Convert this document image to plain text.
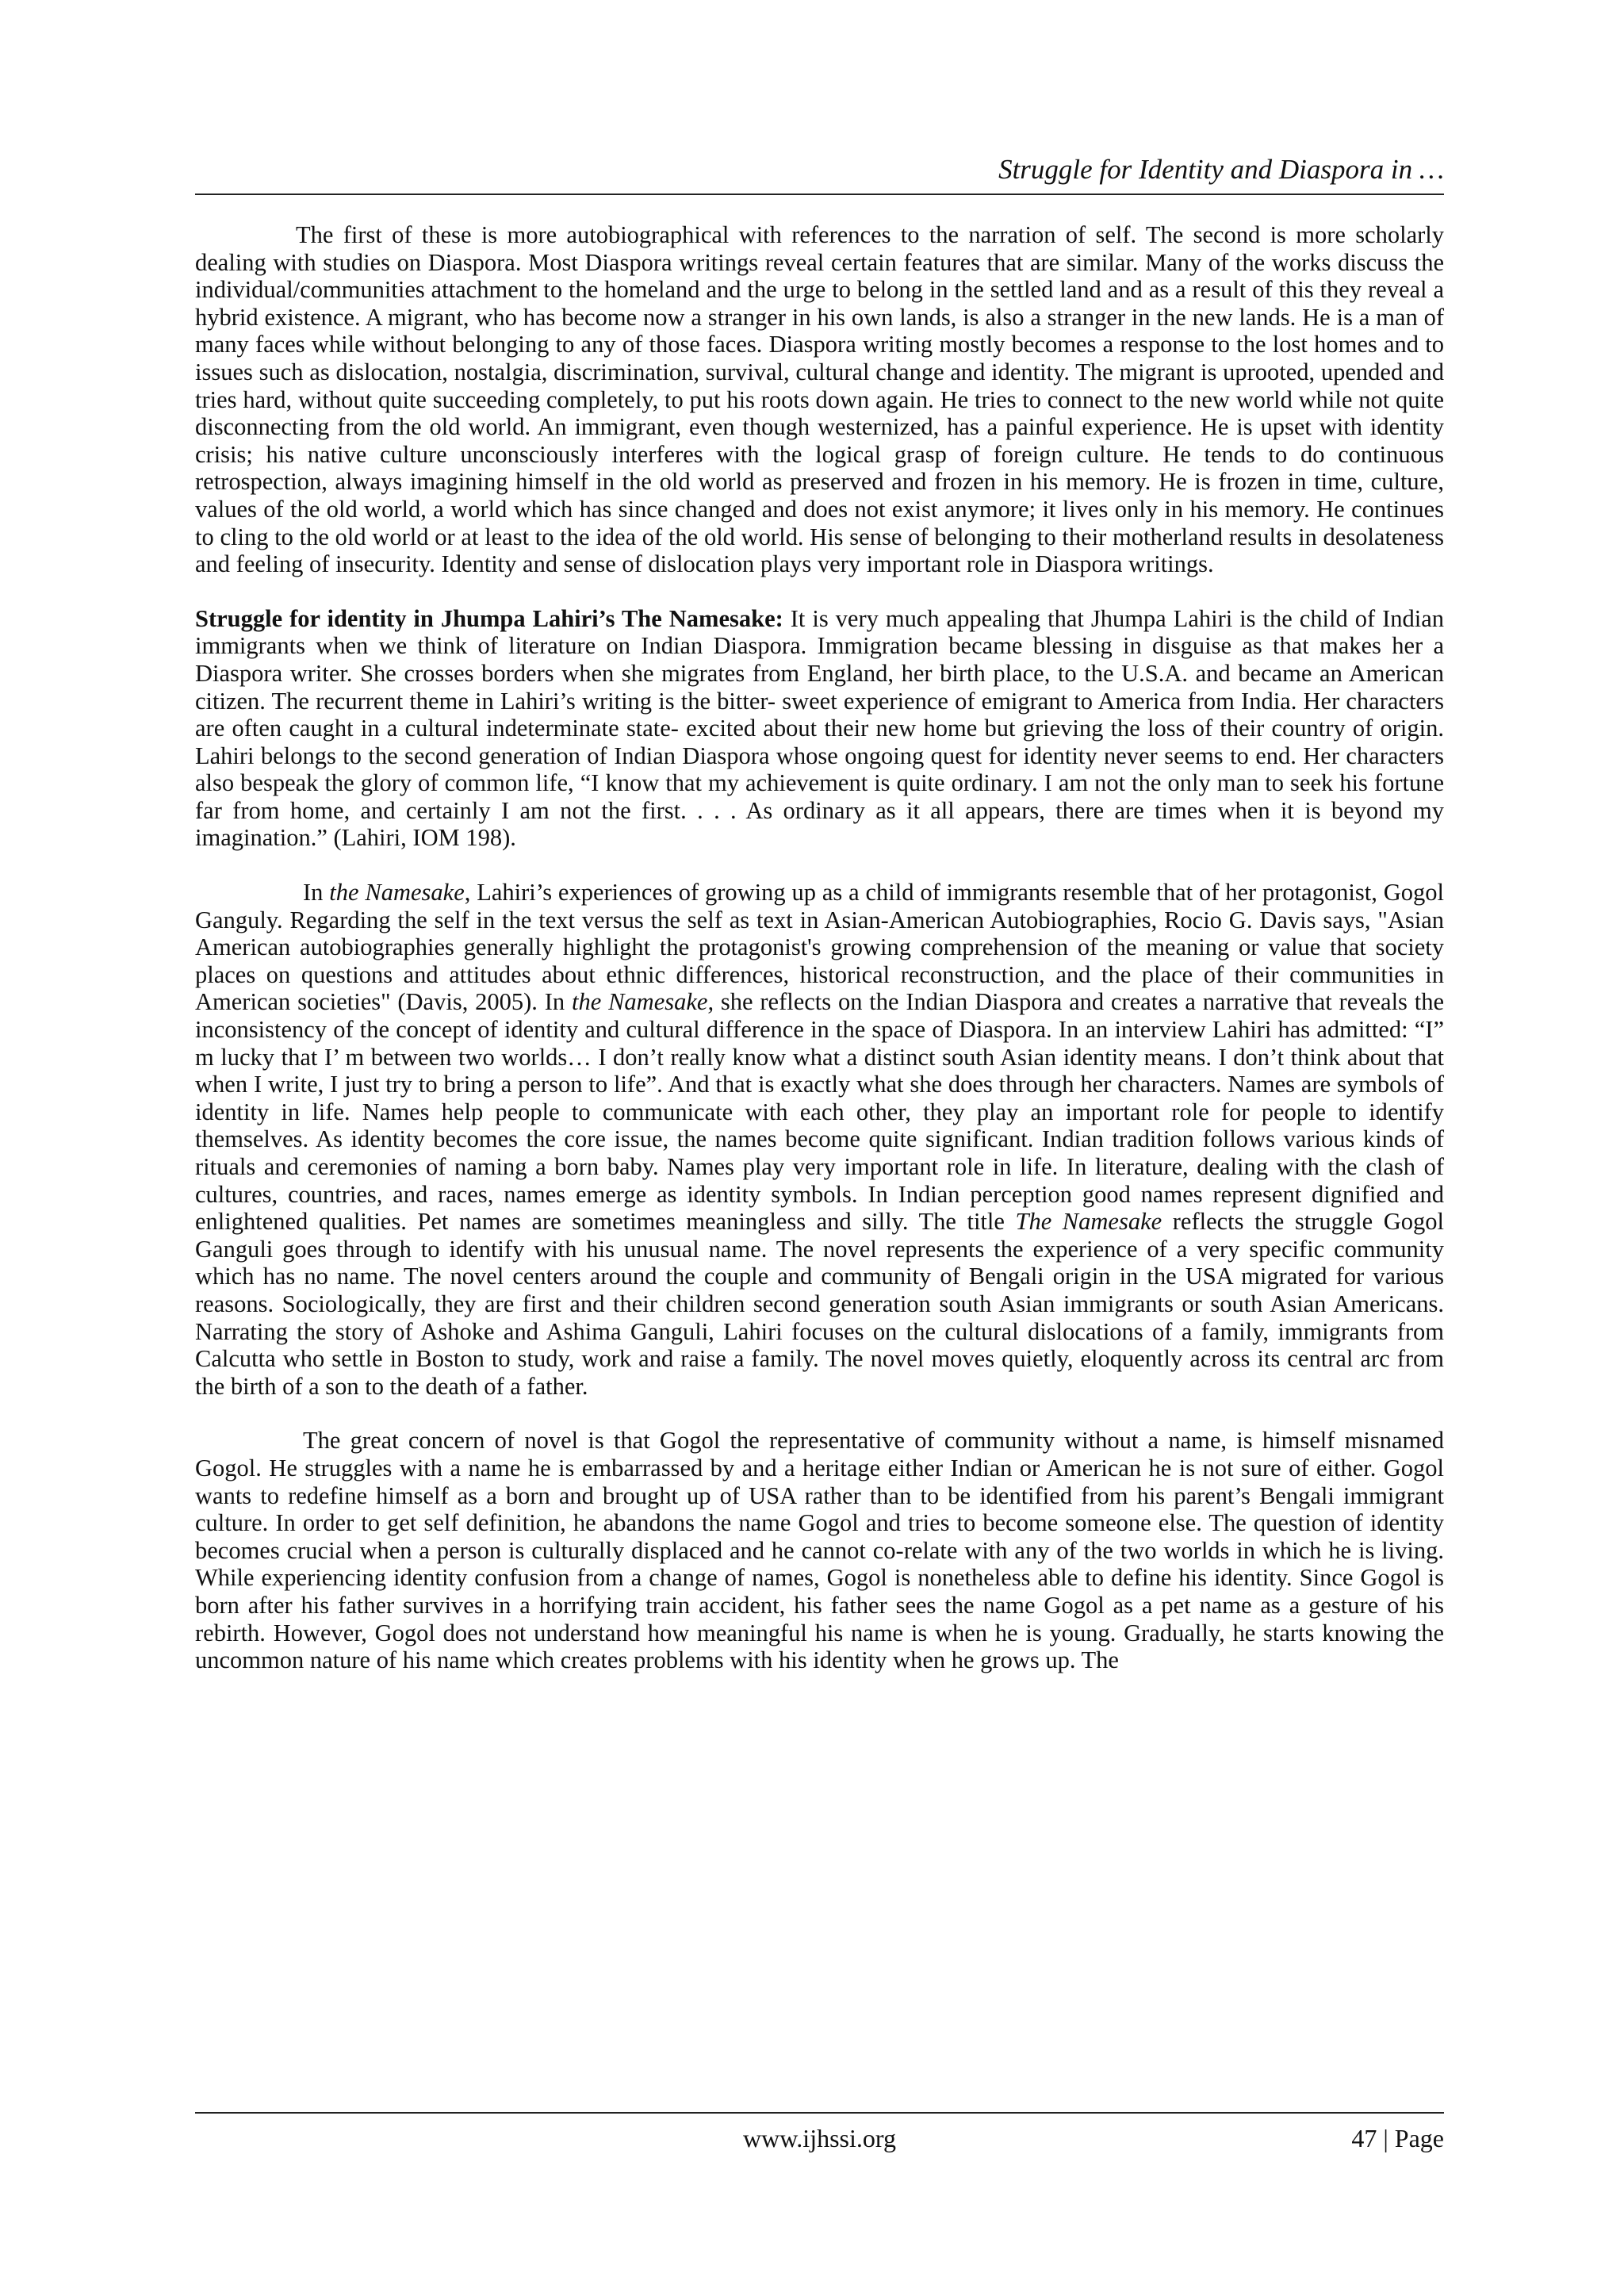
Struggle for Identity and Diaspora in …

The first of these is more autobiographical with references to the narration of self. The second is more scholarly dealing with studies on Diaspora. Most Diaspora writings reveal certain features that are similar. Many of the works discuss the individual/communities attachment to the homeland and the urge to belong in the settled land and as a result of this they reveal a hybrid existence. A migrant, who has become now a stranger in his own lands, is also a stranger in the new lands. He is a man of many faces while without belonging to any of those faces. Diaspora writing mostly becomes a response to the lost homes and to issues such as dislocation, nostalgia, discrimination, survival, cultural change and identity. The migrant is uprooted, upended and tries hard, without quite succeeding completely, to put his roots down again. He tries to connect to the new world while not quite disconnecting from the old world. An immigrant, even though westernized, has a painful experience. He is upset with identity crisis; his native culture unconsciously interferes with the logical grasp of foreign culture. He tends to do continuous retrospection, always imagining himself in the old world as preserved and frozen in his memory. He is frozen in time, culture, values of the old world, a world which has since changed and does not exist anymore; it lives only in his memory. He continues to cling to the old world or at least to the idea of the old world. His sense of belonging to their motherland results in desolateness and feeling of insecurity. Identity and sense of dislocation plays very important role in Diaspora writings.

Struggle for identity in Jhumpa Lahiri’s The Namesake: It is very much appealing that Jhumpa Lahiri is the child of Indian immigrants when we think of literature on Indian Diaspora. Immigration became blessing in disguise as that makes her a Diaspora writer. She crosses borders when she migrates from England, her birth place, to the U.S.A. and became an American citizen. The recurrent theme in Lahiri’s writing is the bitter- sweet experience of emigrant to America from India. Her characters are often caught in a cultural indeterminate state- excited about their new home but grieving the loss of their country of origin. Lahiri belongs to the second generation of Indian Diaspora whose ongoing quest for identity never seems to end. Her characters also bespeak the glory of common life, “I know that my achievement is quite ordinary. I am not the only man to seek his fortune far from home, and certainly I am not the first. . . . As ordinary as it all appears, there are times when it is beyond my imagination.” (Lahiri, IOM 198).

In the Namesake, Lahiri’s experiences of growing up as a child of immigrants resemble that of her protagonist, Gogol Ganguly. Regarding the self in the text versus the self as text in Asian-American Autobiographies, Rocio G. Davis says, "Asian American autobiographies generally highlight the protagonist's growing comprehension of the meaning or value that society places on questions and attitudes about ethnic differences, historical reconstruction, and the place of their communities in American societies" (Davis, 2005). In the Namesake, she reflects on the Indian Diaspora and creates a narrative that reveals the inconsistency of the concept of identity and cultural difference in the space of Diaspora. In an interview Lahiri has admitted: “I” m lucky that I’ m between two worlds… I don’t really know what a distinct south Asian identity means. I don’t think about that when I write, I just try to bring a person to life”. And that is exactly what she does through her characters. Names are symbols of identity in life. Names help people to communicate with each other, they play an important role for people to identify themselves. As identity becomes the core issue, the names become quite significant. Indian tradition follows various kinds of rituals and ceremonies of naming a born baby. Names play very important role in life. In literature, dealing with the clash of cultures, countries, and races, names emerge as identity symbols. In Indian perception good names represent dignified and enlightened qualities. Pet names are sometimes meaningless and silly. The title The Namesake reflects the struggle Gogol Ganguli goes through to identify with his unusual name. The novel represents the experience of a very specific community which has no name. The novel centers around the couple and community of Bengali origin in the USA migrated for various reasons. Sociologically, they are first and their children second generation south Asian immigrants or south Asian Americans. Narrating the story of Ashoke and Ashima Ganguli, Lahiri focuses on the cultural dislocations of a family, immigrants from Calcutta who settle in Boston to study, work and raise a family. The novel moves quietly, eloquently across its central arc from the birth of a son to the death of a father.

The great concern of novel is that Gogol the representative of community without a name, is himself misnamed Gogol. He struggles with a name he is embarrassed by and a heritage either Indian or American he is not sure of either. Gogol wants to redefine himself as a born and brought up of USA rather than to be identified from his parent’s Bengali immigrant culture. In order to get self definition, he abandons the name Gogol and tries to become someone else. The question of identity becomes crucial when a person is culturally displaced and he cannot co-relate with any of the two worlds in which he is living. While experiencing identity confusion from a change of names, Gogol is nonetheless able to define his identity. Since Gogol is born after his father survives in a horrifying train accident, his father sees the name Gogol as a pet name as a gesture of his rebirth. However, Gogol does not understand how meaningful his name is when he is young. Gradually, he starts knowing the uncommon nature of his name which creates problems with his identity when he grows up. The

www.ijhssi.org	47 | Page
